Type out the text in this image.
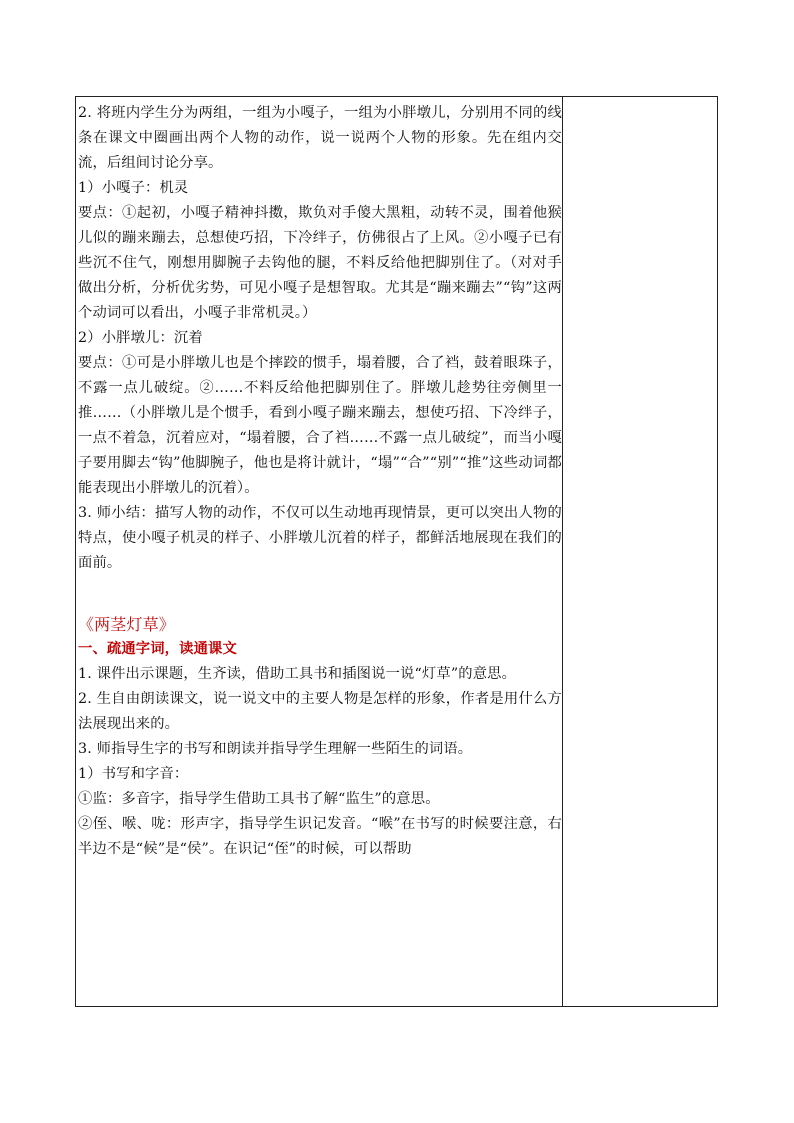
2. 将班内学生分为两组，一组为小嘎子，一组为小胖墩儿，分别用不同的线条在课文中圈画出两个人物的动作，说一说两个人物的形象。先在组内交流，后组间讨论分享。

1）小嘎子：机灵

要点：①起初，小嘎子精神抖擞，欺负对手傻大黑粗，动转不灵，围着他猴儿似的蹦来蹦去，总想使巧招，下冷绊子，仿佛很占了上风。②小嘎子已有些沉不住气，刚想用脚腕子去钩他的腿，不料反给他把脚别住了。（对对手做出分析，分析优劣势，可见小嘎子是想智取。尤其是“蹦来蹦去”“钩”这两个动词可以看出，小嘎子非常机灵。）

2）小胖墩儿：沉着

要点：①可是小胖墩儿也是个摔跤的惯手，塌着腰，合了裆，鼓着眼珠子，不露一点儿破绽。②……不料反给他把脚别住了。胖墩儿趁势往旁侧里一推……（小胖墩儿是个惯手，看到小嘎子蹦来蹦去，想使巧招、下冷绊子，一点不着急，沉着应对，“塌着腰，合了裆……不露一点儿破绽”，而当小嘎子要用脚去“钩”他脚腕子，他也是将计就计，“塌”“合”“别”“推”这些动词都能表现出小胖墩儿的沉着）。

3. 师小结：描写人物的动作，不仅可以生动地再现情景，更可以突出人物的特点，使小嘎子机灵的样子、小胖墩儿沉着的样子，都鲜活地展现在我们的面前。

《两茎灯草》

一、疏通字词，读通课文

1. 课件出示课题，生齐读，借助工具书和插图说一说“灯草”的意思。

2. 生自由朗读课文，说一说文中的主要人物是怎样的形象，作者是用什么方法展现出来的。

3. 师指导生字的书写和朗读并指导学生理解一些陌生的词语。

1）书写和字音：

①监：多音字，指导学生借助工具书了解“监生”的意思。

②侄、喉、咙：形声字，指导学生识记发音。“喉”在书写的时候要注意，右半边不是“候”是“侯”。在识记“侄”的时候，可以帮助
